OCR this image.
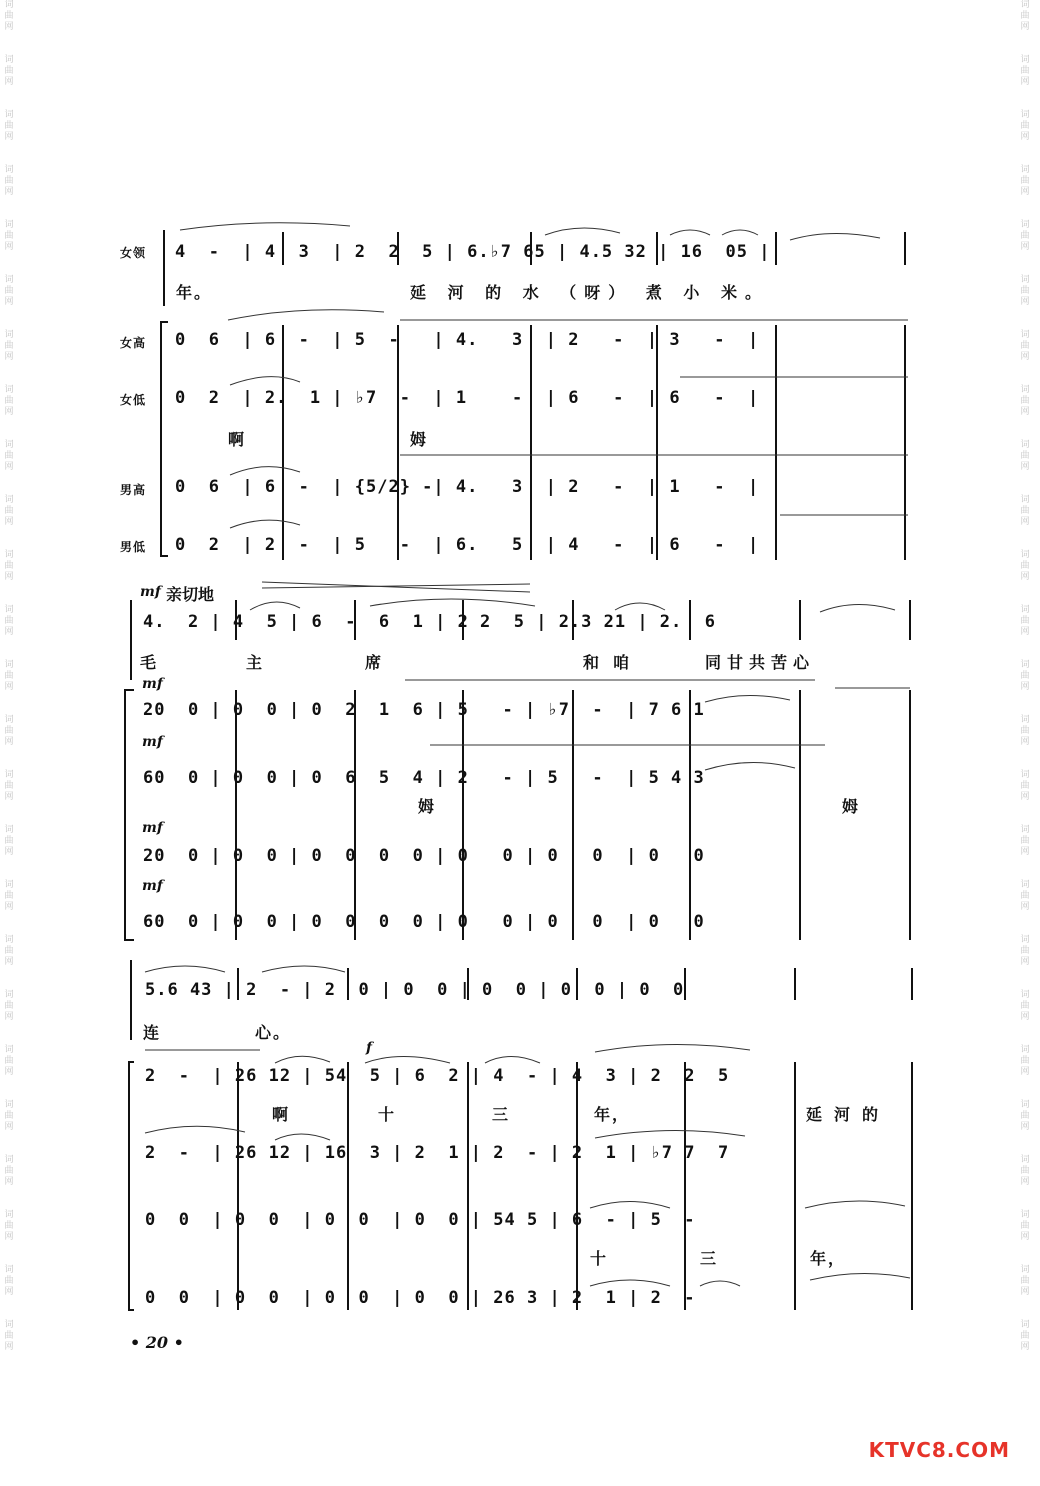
词曲网
词曲网
词曲网
词曲网
词曲网
词曲网
词曲网
词曲网
词曲网
词曲网
词曲网
词曲网
词曲网
词曲网
词曲网
词曲网
词曲网
词曲网
词曲网
词曲网
词曲网
词曲网
词曲网
词曲网
词曲网
词曲网
词曲网
词曲网
词曲网
词曲网
词曲网
词曲网
词曲网
词曲网
词曲网
词曲网
词曲网
词曲网
词曲网
词曲网
词曲网
词曲网
词曲网
词曲网
词曲网
词曲网
词曲网
词曲网
词曲网
词曲网
女领
女高
女低
男高
男低
4  -  | 4  3  | 2  2  5 | 6.♭7 65 | 4.5 32 | 16  05 |
0  6  | 6  -  | 5  -   | 4.   3  | 2   -  | 3   -  |
0  2  | 2.  1 | ♭7  -  | 1    -  | 6   -  | 6   -  |
0  6  | 6  -  | {5/2} -| 4.   3  | 2   -  | 1   -  |
0  2  | 2  -  | 5   -  | 6.   5  | 4   -  | 6   -  |
年。	延 河 的 水 （呀） 煮 小 米。
啊	姆
mf 亲切地
4.  2 | 4  5 | 6  -  6  1 | 2 2  5 | 2.3 21 | 2.  6
毛	主	席	和咱	同甘共苦心
mf
20  0 | 0  0 | 0  2  1  6 | 5   - | ♭7  -  | 7 6 1
mf
60  0 | 0  0 | 0  6  5  4 | 2   - | 5   -  | 5 4 3
姆	姆
mf
20  0 | 0  0 | 0  0  0  0 | 0   0 | 0   0  | 0   0
mf
60  0 | 0  0 | 0  0  0  0 | 0   0 | 0   0  | 0   0
5.6 43 | 2  - | 2  0 | 0  0 | 0  0 | 0  0 | 0  0
连	心。
f
2  -  | 26 12 | 54  5 | 6  2 | 4  - | 4  3 | 2  2  5
啊	十	三	年，	延河的
2  -  | 26 12 | 16  3 | 2  1 | 2  - | 2  1 | ♭7 7  7
0  0  | 0  0  | 0  0  | 0  0 | 54 5 | 6  - | 5  -
十	三	年，
0  0  | 0  0  | 0  0  | 0  0 | 26 3 | 2  1 | 2  -
• 20 •
KTVC8.COM
